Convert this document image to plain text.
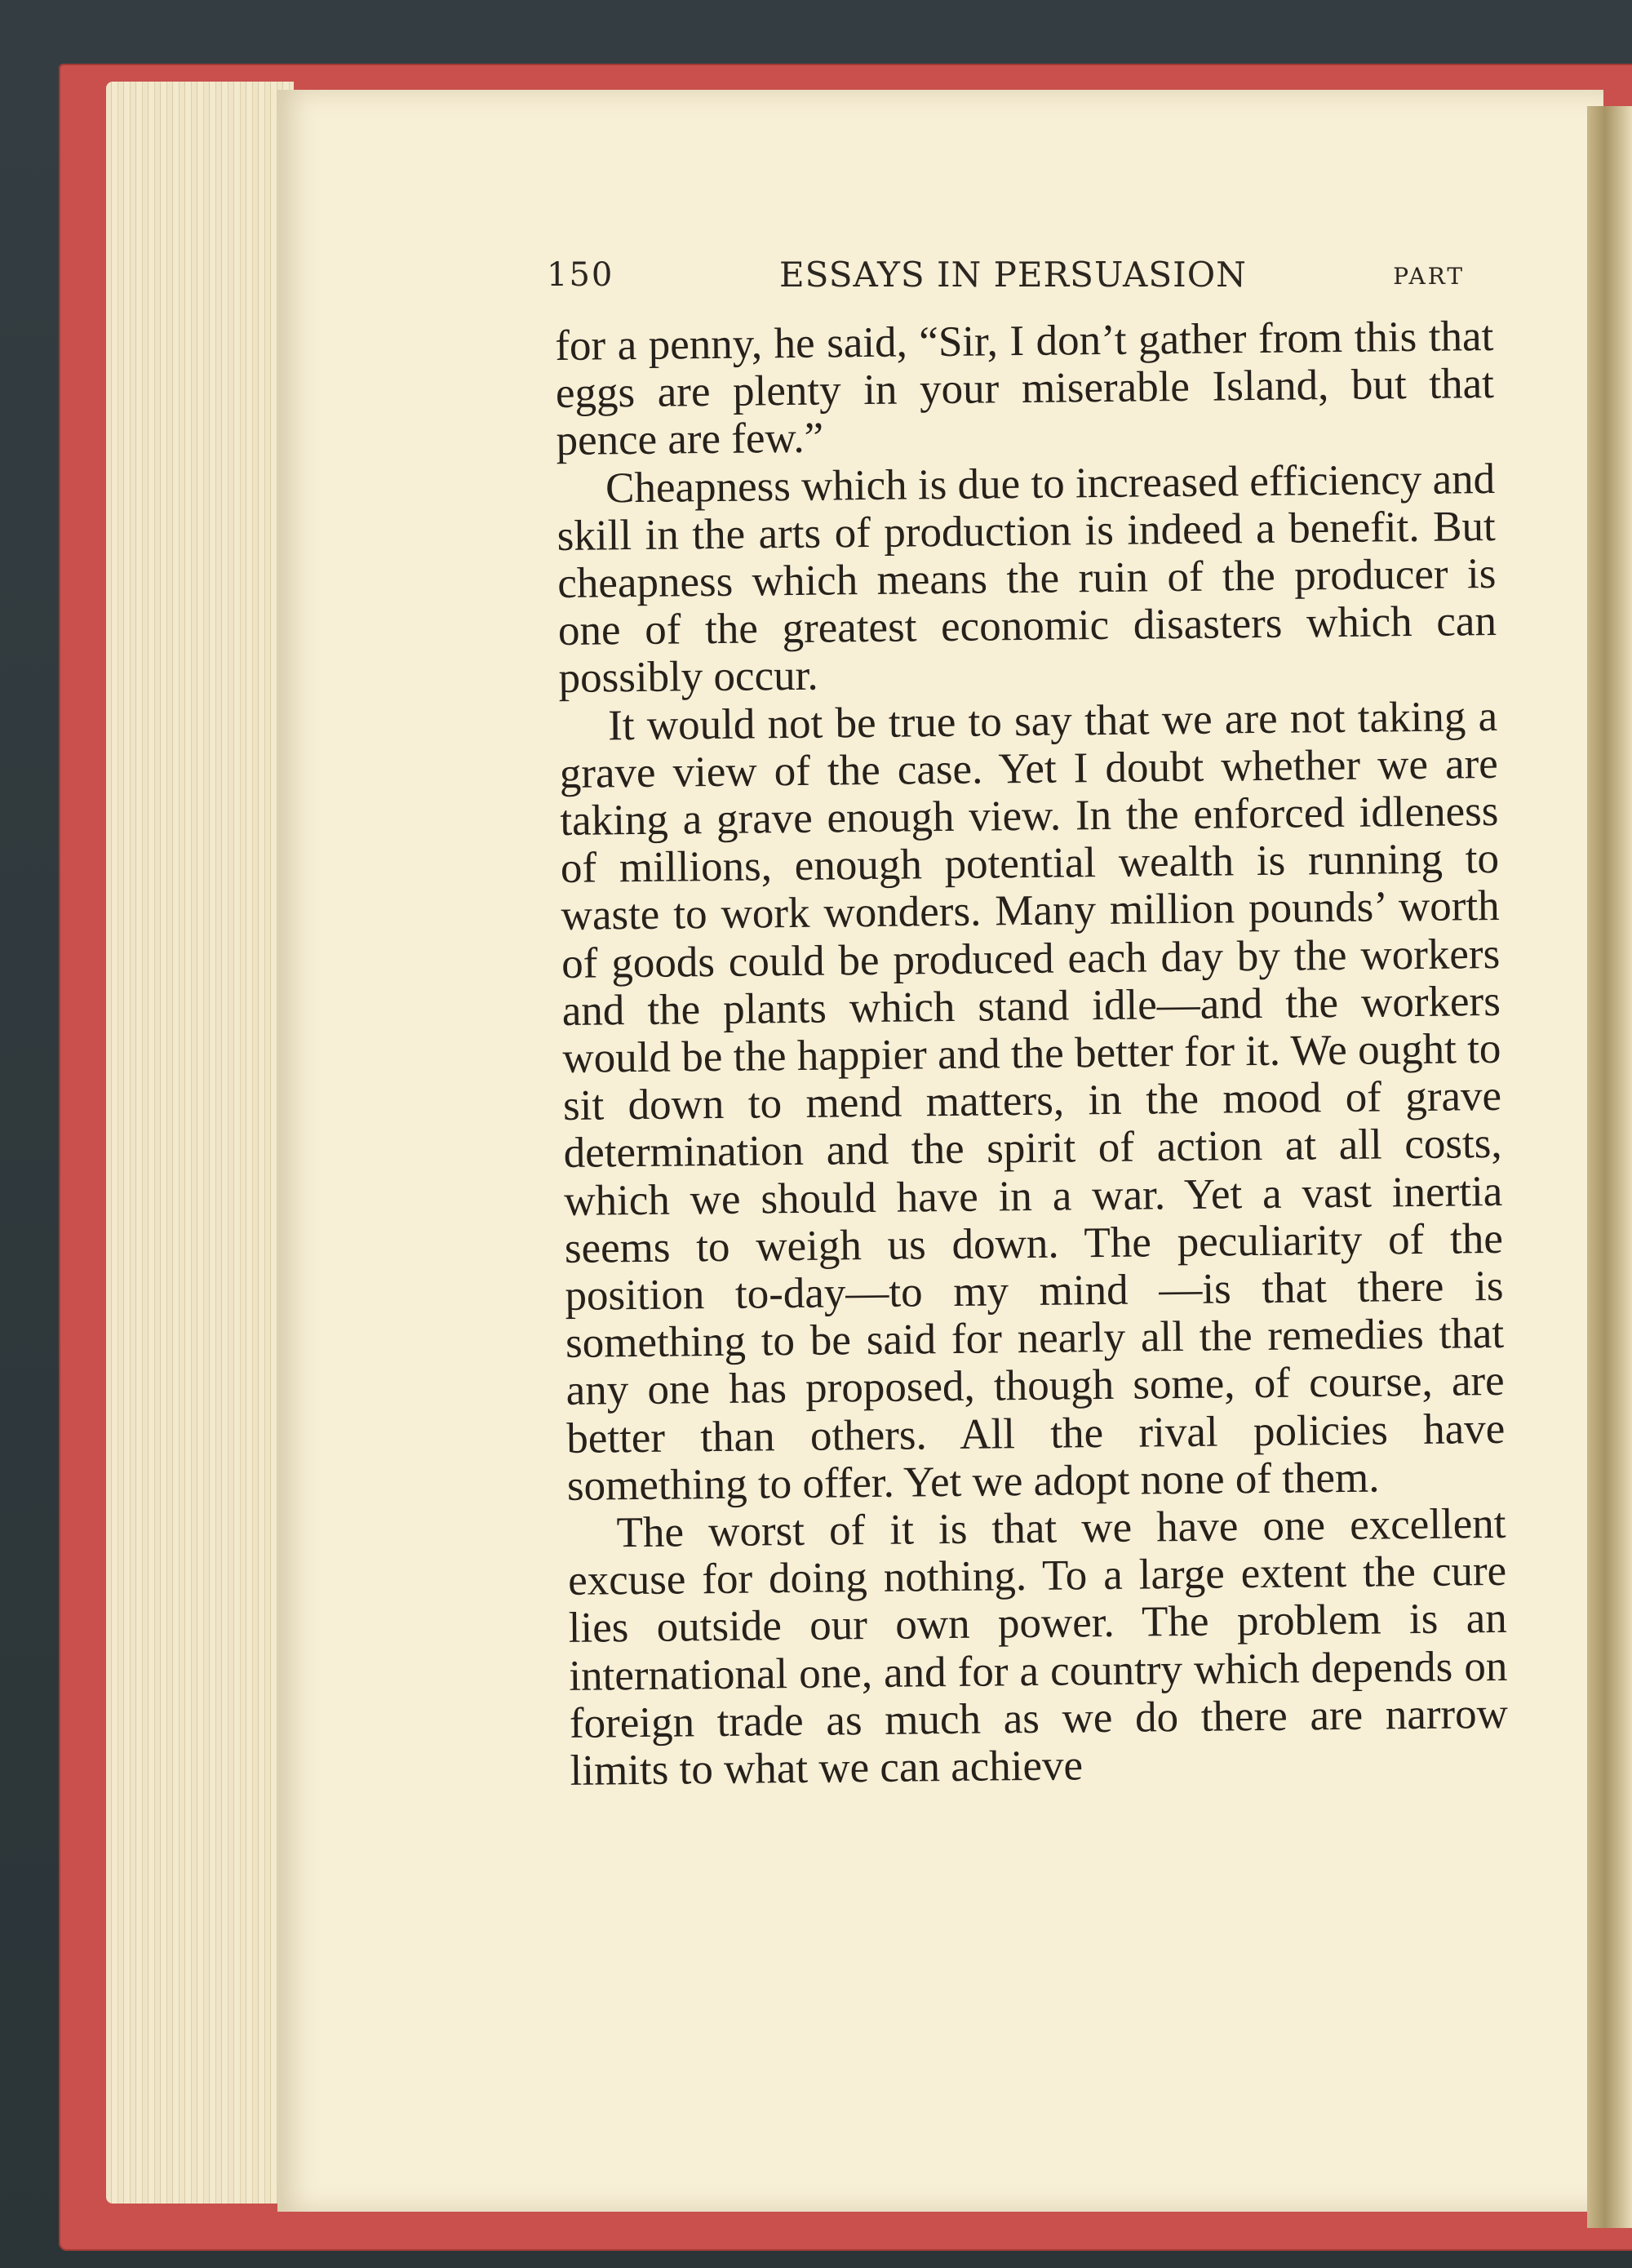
150	ESSAYS IN PERSUASION	PART

for a penny, he said, “Sir, I don’t gather from this that eggs are plenty in your miserable Island, but that pence are few.”

Cheapness which is due to increased efficiency and skill in the arts of production is indeed a benefit. But cheapness which means the ruin of the producer is one of the greatest economic disasters which can possibly occur.

It would not be true to say that we are not taking a grave view of the case. Yet I doubt whether we are taking a grave enough view. In the enforced idleness of millions, enough potential wealth is running to waste to work wonders. Many million pounds’ worth of goods could be produced each day by the workers and the plants which stand idle—and the workers would be the happier and the better for it. We ought to sit down to mend matters, in the mood of grave determination and the spirit of action at all costs, which we should have in a war. Yet a vast inertia seems to weigh us down. The peculiarity of the position to-day—to my mind —is that there is something to be said for nearly all the remedies that any one has proposed, though some, of course, are better than others. All the rival policies have something to offer. Yet we adopt none of them.

The worst of it is that we have one excellent excuse for doing nothing. To a large extent the cure lies outside our own power. The problem is an international one, and for a country which depends on foreign trade as much as we do there are narrow limits to what we can achieve
